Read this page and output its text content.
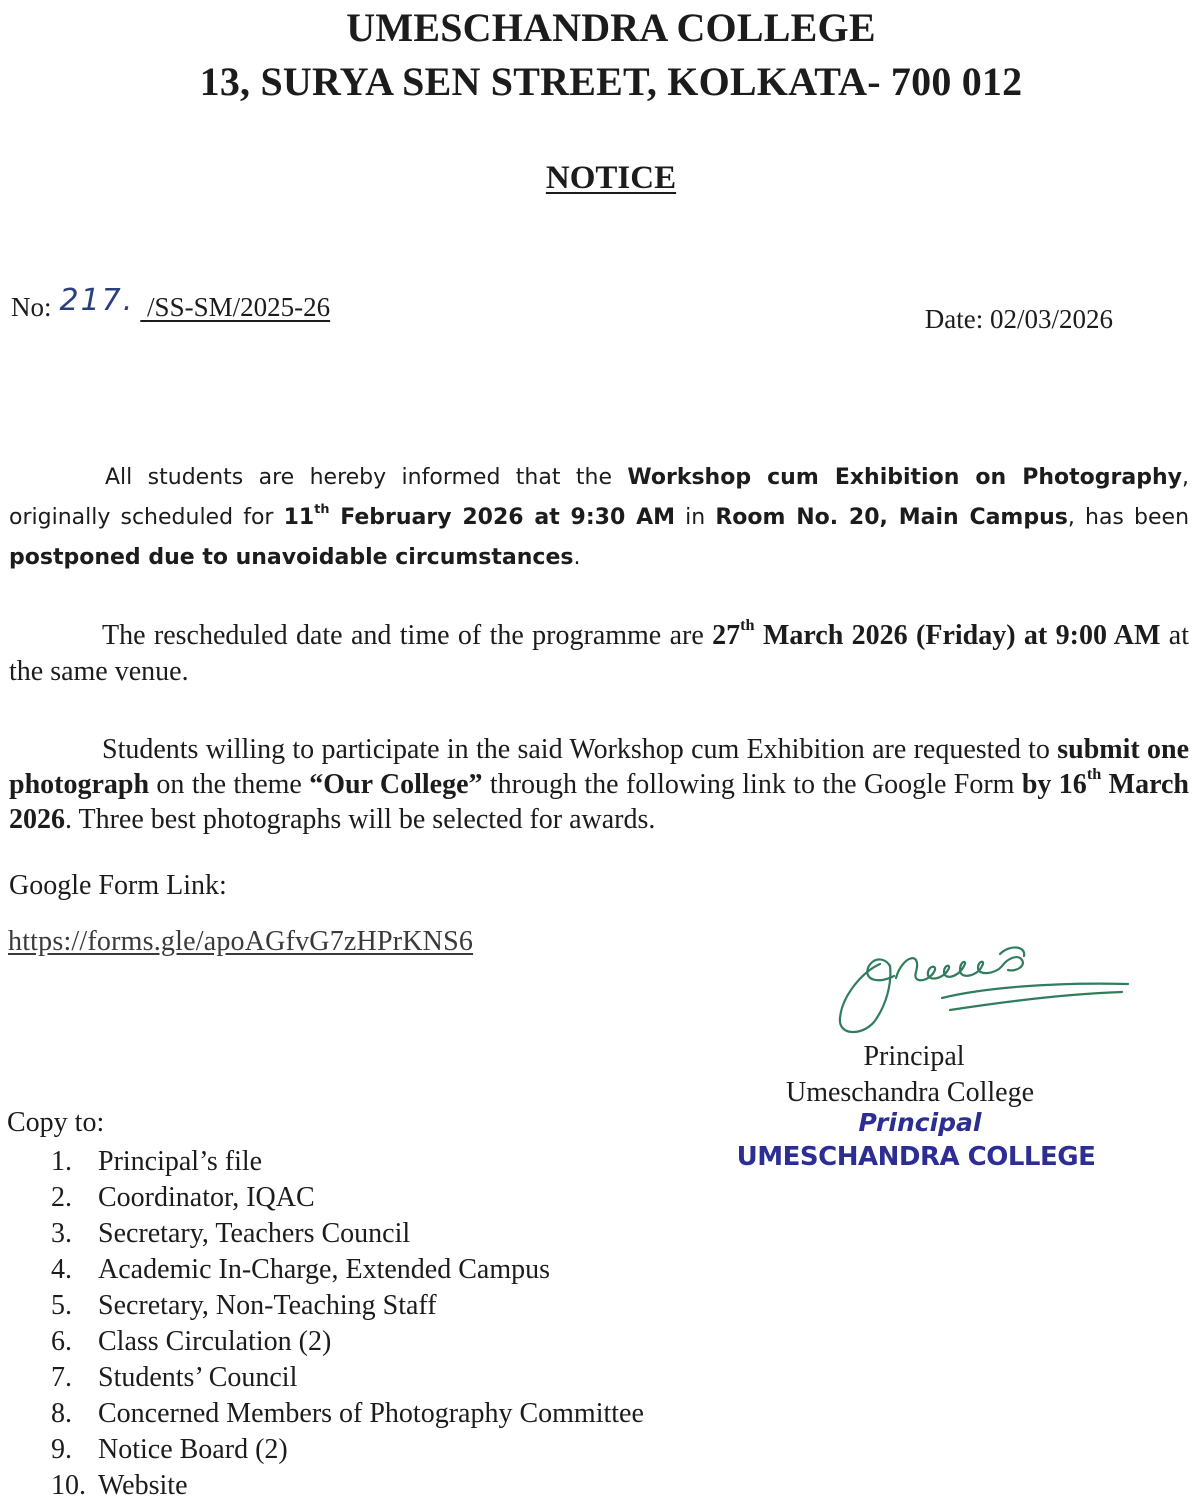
UMESCHANDRA COLLEGE
13, SURYA SEN STREET, KOLKATA- 700 012
NOTICE
No: 217. /SS-SM/2025-26	Date: 02/03/2026

All students are hereby informed that the Workshop cum Exhibition on Photography, originally scheduled for 11th February 2026 at 9:30 AM in Room No. 20, Main Campus, has been postponed due to unavoidable circumstances.

The rescheduled date and time of the programme are 27th March 2026 (Friday) at 9:00 AM at the same venue.

Students willing to participate in the said Workshop cum Exhibition are requested to submit one photograph on the theme “Our College” through the following link to the Google Form by 16th March 2026. Three best photographs will be selected for awards.

Google Form Link:
https://forms.gle/apoAGfvG7zHPrKNS6
Principal
Umeschandra College
Principal
UMESCHANDRA COLLEGE
Copy to:
1. Principal’s file
2. Coordinator, IQAC
3. Secretary, Teachers Council
4. Academic In-Charge, Extended Campus
5. Secretary, Non-Teaching Staff
6. Class Circulation (2)
7. Students’ Council
8. Concerned Members of Photography Committee
9. Notice Board (2)
10. Website
